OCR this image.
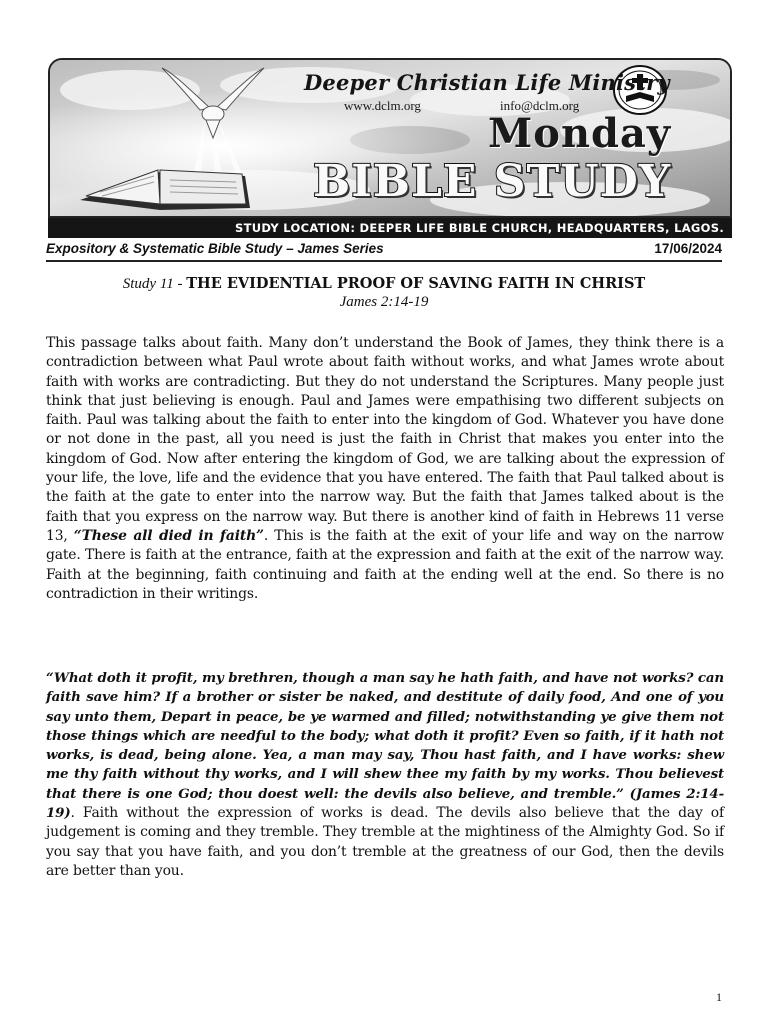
Deeper Christian Life Ministry
www.dclm.org	info@dclm.org
Monday
BIBLE STUDY
STUDY LOCATION: DEEPER LIFE BIBLE CHURCH, HEADQUARTERS, LAGOS.
Expository & Systematic Bible Study – James Series	17/06/2024
Study 11 - THE EVIDENTIAL PROOF OF SAVING FAITH IN CHRIST
James 2:14-19

This passage talks about faith. Many don’t understand the Book of James, they think there is a contradiction between what Paul wrote about faith without works, and what James wrote about faith with works are contradicting. But they do not understand the Scriptures. Many people just think that just believing is enough. Paul and James were empathising two different subjects on faith. Paul was talking about the faith to enter into the kingdom of God. Whatever you have done or not done in the past, all you need is just the faith in Christ that makes you enter into the kingdom of God. Now after entering the kingdom of God, we are talking about the expression of your life, the love, life and the evidence that you have entered. The faith that Paul talked about is the faith at the gate to enter into the narrow way. But the faith that James talked about is the faith that you express on the narrow way. But there is another kind of faith in Hebrews 11 verse 13, “These all died in faith”. This is the faith at the exit of your life and way on the narrow gate. There is faith at the entrance, faith at the expression and faith at the exit of the narrow way. Faith at the beginning, faith continuing and faith at the ending well at the end. So there is no contradiction in their writings.

“What doth it profit, my brethren, though a man say he hath faith, and have not works? can faith save him? If a brother or sister be naked, and destitute of daily food, And one of you say unto them, Depart in peace, be ye warmed and filled; notwithstanding ye give them not those things which are needful to the body; what doth it profit? Even so faith, if it hath not works, is dead, being alone. Yea, a man may say, Thou hast faith, and I have works: shew me thy faith without thy works, and I will shew thee my faith by my works. Thou believest that there is one God; thou doest well: the devils also believe, and tremble.” (James 2:14-19). Faith without the expression of works is dead. The devils also believe that the day of judgement is coming and they tremble. They tremble at the mightiness of the Almighty God. So if you say that you have faith, and you don’t tremble at the greatness of our God, then the devils are better than you.

1
